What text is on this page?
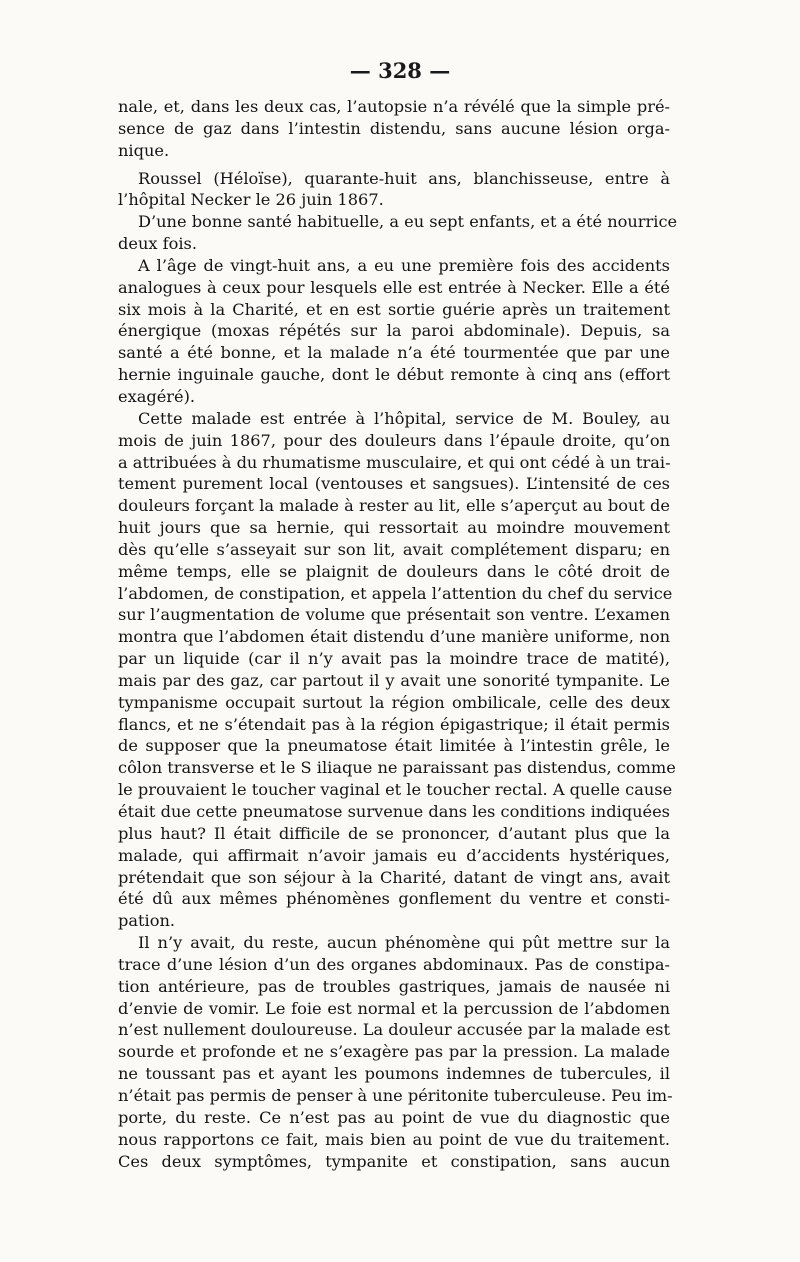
— 328 —
nale, et, dans les deux cas, l’autopsie n’a révélé que la simple pré-
sence de gaz dans l’intestin distendu, sans aucune lésion orga-
nique.
Roussel (Héloïse), quarante-huit ans, blanchisseuse, entre à
l’hôpital Necker le 26 juin 1867.
D’une bonne santé habituelle, a eu sept enfants, et a été nourrice
deux fois.
A l’âge de vingt-huit ans, a eu une première fois des accidents
analogues à ceux pour lesquels elle est entrée à Necker. Elle a été
six mois à la Charité, et en est sortie guérie après un traitement
énergique (moxas répétés sur la paroi abdominale). Depuis, sa
santé a été bonne, et la malade n’a été tourmentée que par une
hernie inguinale gauche, dont le début remonte à cinq ans (effort
exagéré).
Cette malade est entrée à l’hôpital, service de M. Bouley, au
mois de juin 1867, pour des douleurs dans l’épaule droite, qu’on
a attribuées à du rhumatisme musculaire, et qui ont cédé à un trai-
tement purement local (ventouses et sangsues). L’intensité de ces
douleurs forçant la malade à rester au lit, elle s’aperçut au bout de
huit jours que sa hernie, qui ressortait au moindre mouvement
dès qu’elle s’asseyait sur son lit, avait complétement disparu; en
même temps, elle se plaignit de douleurs dans le côté droit de
l’abdomen, de constipation, et appela l’attention du chef du service
sur l’augmentation de volume que présentait son ventre. L’examen
montra que l’abdomen était distendu d’une manière uniforme, non
par un liquide (car il n’y avait pas la moindre trace de matité),
mais par des gaz, car partout il y avait une sonorité tympanite. Le
tympanisme occupait surtout la région ombilicale, celle des deux
flancs, et ne s’étendait pas à la région épigastrique; il était permis
de supposer que la pneumatose était limitée à l’intestin grêle, le
côlon transverse et le S iliaque ne paraissant pas distendus, comme
le prouvaient le toucher vaginal et le toucher rectal. A quelle cause
était due cette pneumatose survenue dans les conditions indiquées
plus haut? Il était difficile de se prononcer, d’autant plus que la
malade, qui affirmait n’avoir jamais eu d’accidents hystériques,
prétendait que son séjour à la Charité, datant de vingt ans, avait
été dû aux mêmes phénomènes gonflement du ventre et consti-
pation.
Il n’y avait, du reste, aucun phénomène qui pût mettre sur la
trace d’une lésion d’un des organes abdominaux. Pas de constipa-
tion antérieure, pas de troubles gastriques, jamais de nausée ni
d’envie de vomir. Le foie est normal et la percussion de l’abdomen
n’est nullement douloureuse. La douleur accusée par la malade est
sourde et profonde et ne s’exagère pas par la pression. La malade
ne toussant pas et ayant les poumons indemnes de tubercules, il
n’était pas permis de penser à une péritonite tuberculeuse. Peu im-
porte, du reste. Ce n’est pas au point de vue du diagnostic que
nous rapportons ce fait, mais bien au point de vue du traitement.
Ces deux symptômes, tympanite et constipation, sans aucun
